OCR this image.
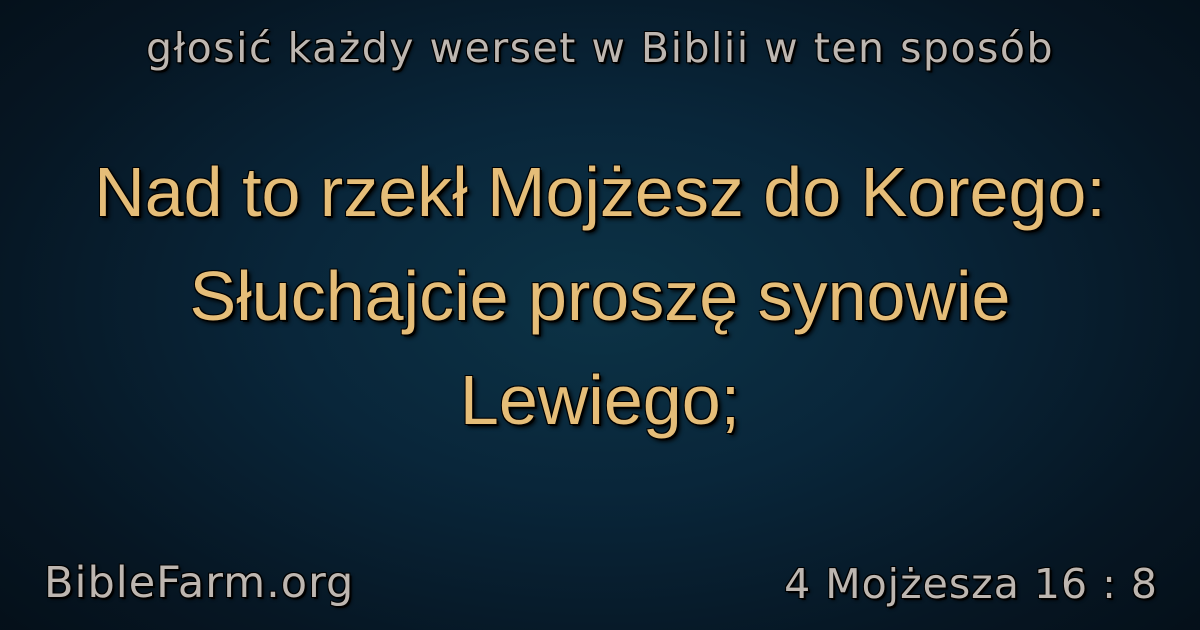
głosić każdy werset w Biblii w ten sposób
Nad to rzekł Mojżesz do Korego:
Słuchajcie proszę synowie
Lewiego;
BibleFarm.org	4 Mojżesza 16 : 8
